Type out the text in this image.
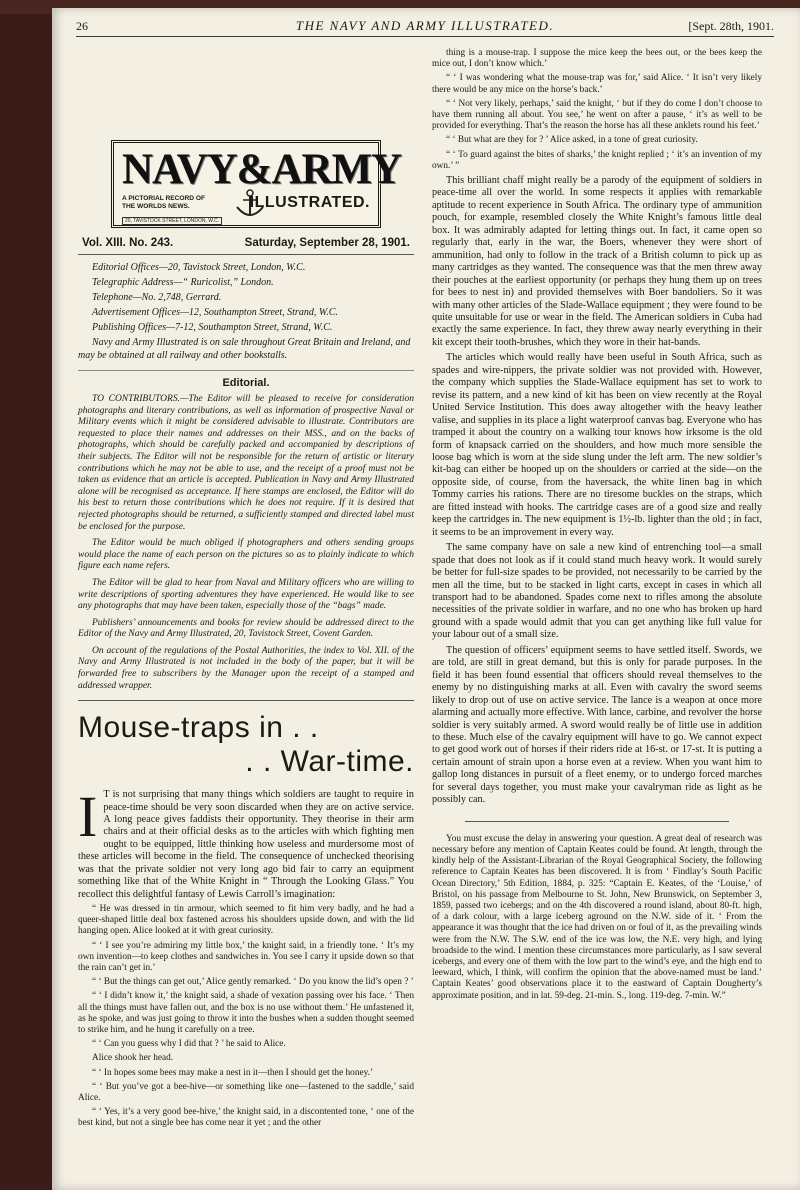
26	THE NAVY AND ARMY ILLUSTRATED.	[Sept. 28th, 1901.
NAVY&ARMY
A PICTORIAL RECORD OF THE WORLDS NEWS.	ILLUSTRATED.
20, TAVISTOCK STREET, LONDON, W.C.
Vol. XIII. No. 243.	Saturday, September 28, 1901.

Editorial Offices—20, Tavistock Street, London, W.C.

Telegraphic Address—“ Ruricolist,” London.

Telephone—No. 2,748, Gerrard.

Advertisement Offices—12, Southampton Street, Strand, W.C.

Publishing Offices—7-12, Southampton Street, Strand, W.C.

Navy and Army Illustrated is on sale throughout Great Britain and Ireland, and may be obtained at all railway and other bookstalls.

Editorial.

TO CONTRIBUTORS.—The Editor will be pleased to receive for consideration photographs and literary contributions, as well as information of prospective Naval or Military events which it might be considered advisable to illustrate. Contributors are requested to place their names and addresses on their MSS., and on the backs of photographs, which should be carefully packed and accompanied by descriptions of their subjects. The Editor will not be responsible for the return of artistic or literary contributions which he may not be able to use, and the receipt of a proof must not be taken as evidence that an article is accepted. Publication in Navy and Army Illustrated alone will be recognised as acceptance. If here stamps are enclosed, the Editor will do his best to return those contributions which he does not require. If it is desired that rejected photographs should be returned, a sufficiently stamped and directed label must be enclosed for the purpose.

The Editor would be much obliged if photographers and others sending groups would place the name of each person on the pictures so as to plainly indicate to which figure each name refers.

The Editor will be glad to hear from Naval and Military officers who are willing to write descriptions of sporting adventures they have experienced. He would like to see any photographs that may have been taken, especially those of the “bags” made.

Publishers’ announcements and books for review should be addressed direct to the Editor of the Navy and Army Illustrated, 20, Tavistock Street, Covent Garden.

On account of the regulations of the Postal Authorities, the index to Vol. XII. of the Navy and Army Illustrated is not included in the body of the paper, but it will be forwarded free to subscribers by the Manager upon the receipt of a stamped and addressed wrapper.

Mouse-traps in . .
. . War-time.

I T is not surprising that many things which soldiers are taught to require in peace-time should be very soon discarded when they are on active service. A long peace gives faddists their opportunity. They theorise in their arm chairs and at their official desks as to the articles with which fighting men ought to be equipped, little thinking how useless and murdersome most of these articles will become in the field. The consequence of unchecked theorising was that the private soldier not very long ago bid fair to carry an equipment something like that of the White Knight in “ Through the Looking Glass.” You recollect this delightful fantasy of Lewis Carroll’s imagination:

“ He was dressed in tin armour, which seemed to fit him very badly, and he had a queer-shaped little deal box fastened across his shoulders upside down, and with the lid hanging open. Alice looked at it with great curiosity.

“ ‘ I see you’re admiring my little box,’ the knight said, in a friendly tone. ‘ It’s my own invention—to keep clothes and sandwiches in. You see I carry it upside down so that the rain can’t get in.’

“ ‘ But the things can get out,’ Alice gently remarked. ‘ Do you know the lid’s open ? ’

“ ‘ I didn’t know it,’ the knight said, a shade of vexation passing over his face. ‘ Then all the things must have fallen out, and the box is no use without them.’ He unfastened it, as he spoke, and was just going to throw it into the bushes when a sudden thought seemed to strike him, and he hung it carefully on a tree.

“ ‘ Can you guess why I did that ? ’ he said to Alice.

Alice shook her head.

“ ‘ In hopes some bees may make a nest in it—then I should get the honey.’

“ ‘ But you’ve got a bee-hive—or something like one—fastened to the saddle,’ said Alice.

“ ‘ Yes, it’s a very good bee-hive,’ the knight said, in a discontented tone, ‘ one of the best kind, but not a single bee has come near it yet ; and the other

thing is a mouse-trap. I suppose the mice keep the bees out, or the bees keep the mice out, I don’t know which.’

“ ‘ I was wondering what the mouse-trap was for,’ said Alice. ‘ It isn’t very likely there would be any mice on the horse’s back.’

“ ‘ Not very likely, perhaps,’ said the knight, ‘ but if they do come I don’t choose to have them running all about. You see,’ he went on after a pause, ‘ it’s as well to be provided for everything. That’s the reason the horse has all these anklets round his feet.’

“ ‘ But what are they for ? ’ Alice asked, in a tone of great curiosity.

“ ‘ To guard against the bites of sharks,’ the knight replied ; ‘ it’s an invention of my own.’ ”

This brilliant chaff might really be a parody of the equipment of soldiers in peace-time all over the world. In some respects it applies with remarkable aptitude to recent experience in South Africa. The ordinary type of ammunition pouch, for example, resembled closely the White Knight’s famous little deal box. It was admirably adapted for letting things out. In fact, it came open so regularly that, early in the war, the Boers, whenever they were short of ammunition, had only to follow in the track of a British column to pick up as many cartridges as they wanted. The consequence was that the men threw away their pouches at the earliest opportunity (or perhaps they hung them up on trees for bees to nest in) and provided themselves with Boer bandoliers. So it was with many other articles of the Slade-Wallace equipment ; they were found to be quite unsuitable for use or wear in the field. The American soldiers in Cuba had exactly the same experience. In fact, they threw away nearly everything in their kit except their tooth-brushes, which they wore in their hat-bands.

The articles which would really have been useful in South Africa, such as spades and wire-nippers, the private soldier was not provided with. However, the company which supplies the Slade-Wallace equipment has set to work to revise its pattern, and a new kind of kit has been on view recently at the Royal United Service Institution. This does away altogether with the heavy leather valise, and supplies in its place a light waterproof canvas bag. Everyone who has tramped it about the country on a walking tour knows how irksome is the old form of knapsack carried on the shoulders, and how much more sensible the loose bag which is worn at the side slung under the left arm. The new soldier’s kit-bag can either be hooped up on the shoulders or carried at the side—on the opposite side, of course, from the haversack, the white linen bag in which Tommy carries his rations. There are no tiresome buckles on the straps, which are fitted instead with hooks. The cartridge cases are of a good size and really keep the cartridges in. The new equipment is 1½-lb. lighter than the old ; in fact, it seems to be an improvement in every way.

The same company have on sale a new kind of entrenching tool—a small spade that does not look as if it could stand much heavy work. It would surely be better for full-size spades to be provided, not necessarily to be carried by the men all the time, but to be stacked in light carts, except in cases in which all transport had to be abandoned. Spades come next to rifles among the absolute necessities of the private soldier in warfare, and no one who has broken up hard ground with a spade would admit that you can get anything like full value for your labour out of a small size.

The question of officers’ equipment seems to have settled itself. Swords, we are told, are still in great demand, but this is only for parade purposes. In the field it has been found essential that officers should reveal themselves to the enemy by no distinguishing marks at all. Even with cavalry the sword seems likely to drop out of use on active service. The lance is a weapon at once more alarming and actually more effective. With lance, carbine, and revolver the horse soldier is very suitably armed. A sword would really be of little use in addition to these. Much else of the cavalry equipment will have to go. We cannot expect to get good work out of horses if their riders ride at 16-st. or 17-st. It is putting a certain amount of strain upon a horse even at a review. When you want him to gallop long distances in pursuit of a fleet enemy, or to undergo forced marches for several days together, you must make your cavalryman ride as light as he possibly can.

You must excuse the delay in answering your question. A great deal of research was necessary before any mention of Captain Keates could be found. At length, through the kindly help of the Assistant-Librarian of the Royal Geographical Society, the following reference to Captain Keates has been discovered. It is from ‘ Findlay’s South Pacific Ocean Directory,’ 5th Edition, 1884, p. 325: “Captain E. Keates, of the ‘Louise,’ of Bristol, on his passage from Melbourne to St. John, New Brunswick, on September 3, 1859, passed two icebergs; and on the 4th discovered a round island, about 80-ft. high, of a dark colour, with a large iceberg aground on the N.W. side of it. ‘ From the appearance it was thought that the ice had driven on or foul of it, as the prevailing winds were from the N.W. The S.W. end of the ice was low, the N.E. very high, and lying broadside to the wind. I mention these circumstances more particularly, as I saw several icebergs, and every one of them with the low part to the wind’s eye, and the high end to leeward, which, I think, will confirm the opinion that the above-named must be land.’ Captain Keates’ good observations place it to the eastward of Captain Dougherty’s approximate position, and in lat. 59-deg. 21-min. S., long. 119-deg. 7-min. W.”
